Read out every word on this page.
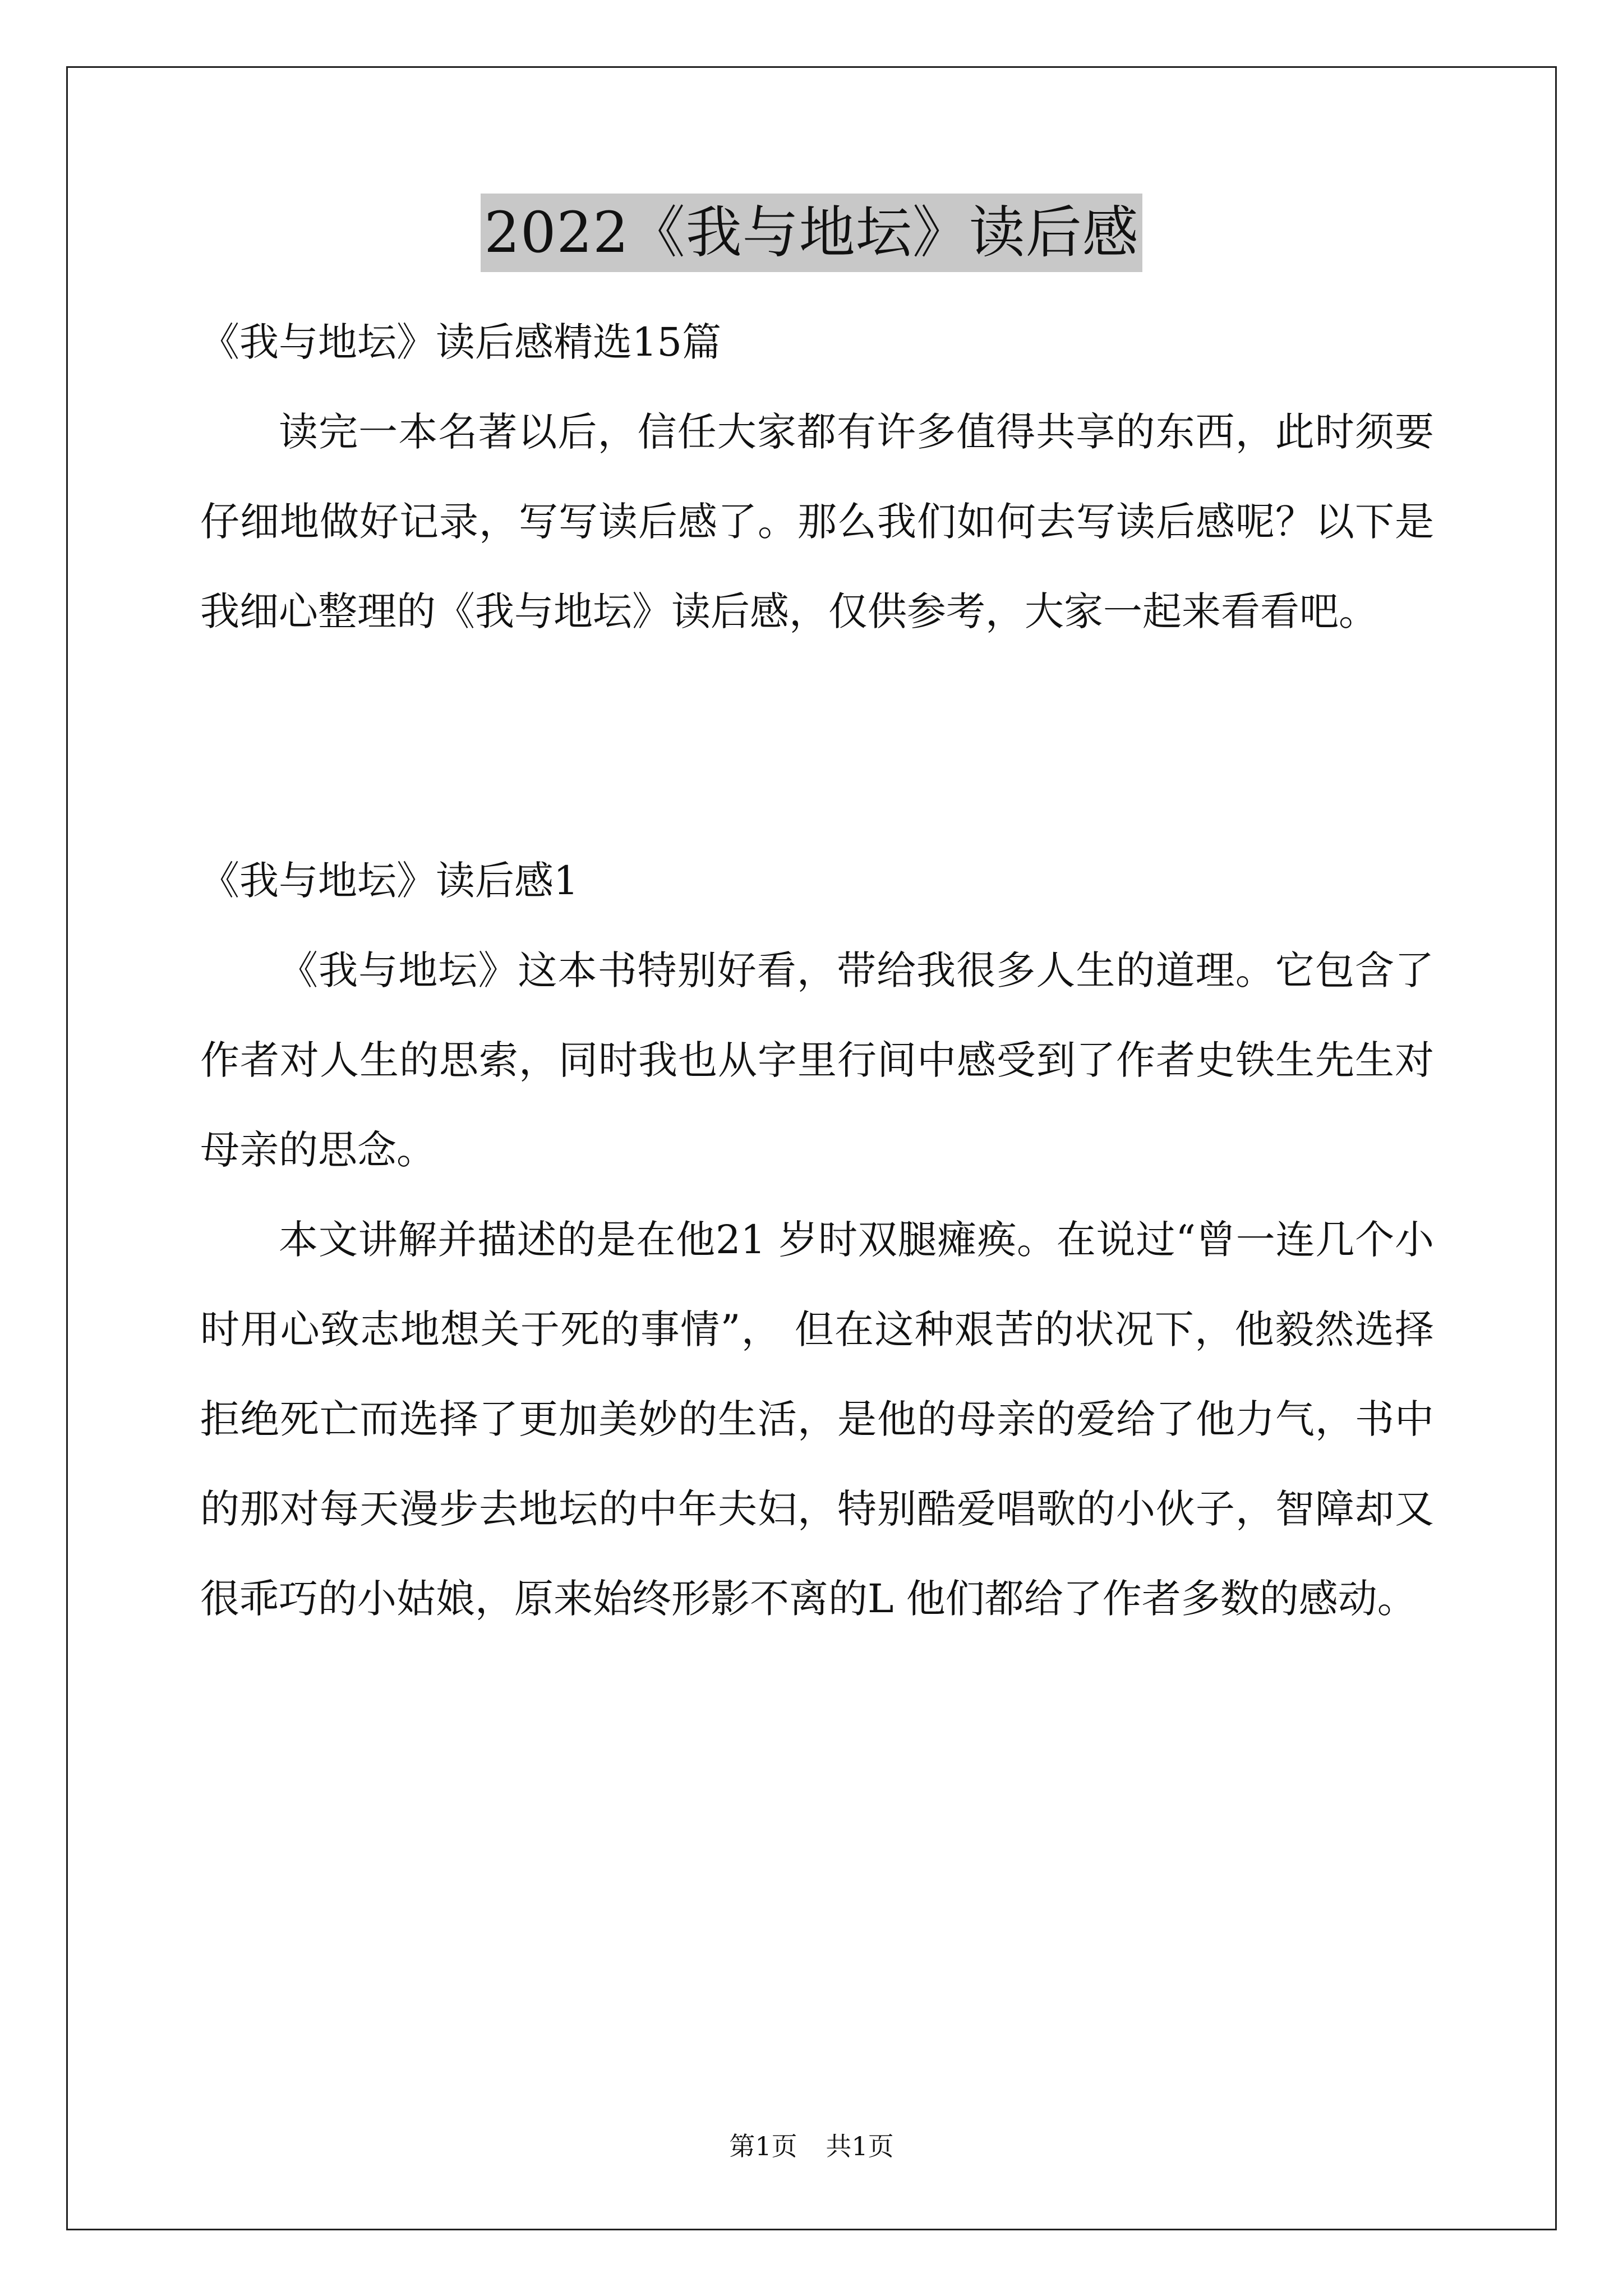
2022《我与地坛》读后感

《我与地坛》读后感精选15篇

读完一本名著以后，信任大家都有许多值得共享的东西，此时须要仔细地做好记录，写写读后感了。那么我们如何去写读后感呢？以下是我细心整理的《我与地坛》读后感，仅供参考，大家一起来看看吧。

《我与地坛》读后感1

《我与地坛》这本书特别好看，带给我很多人生的道理。它包含了作者对人生的思索，同时我也从字里行间中感受到了作者史铁生先生对母亲的思念。

本文讲解并描述的是在他21 岁时双腿瘫痪。在说过“曾一连几个小时用心致志地想关于死的事情”， 但在这种艰苦的状况下，他毅然选择拒绝死亡而选择了更加美妙的生活，是他的母亲的爱给了他力气，书中的那对每天漫步去地坛的中年夫妇，特别酷爱唱歌的小伙子，智障却又很乖巧的小姑娘，原来始终形影不离的L 他们都给了作者多数的感动。

第1页 共1页
